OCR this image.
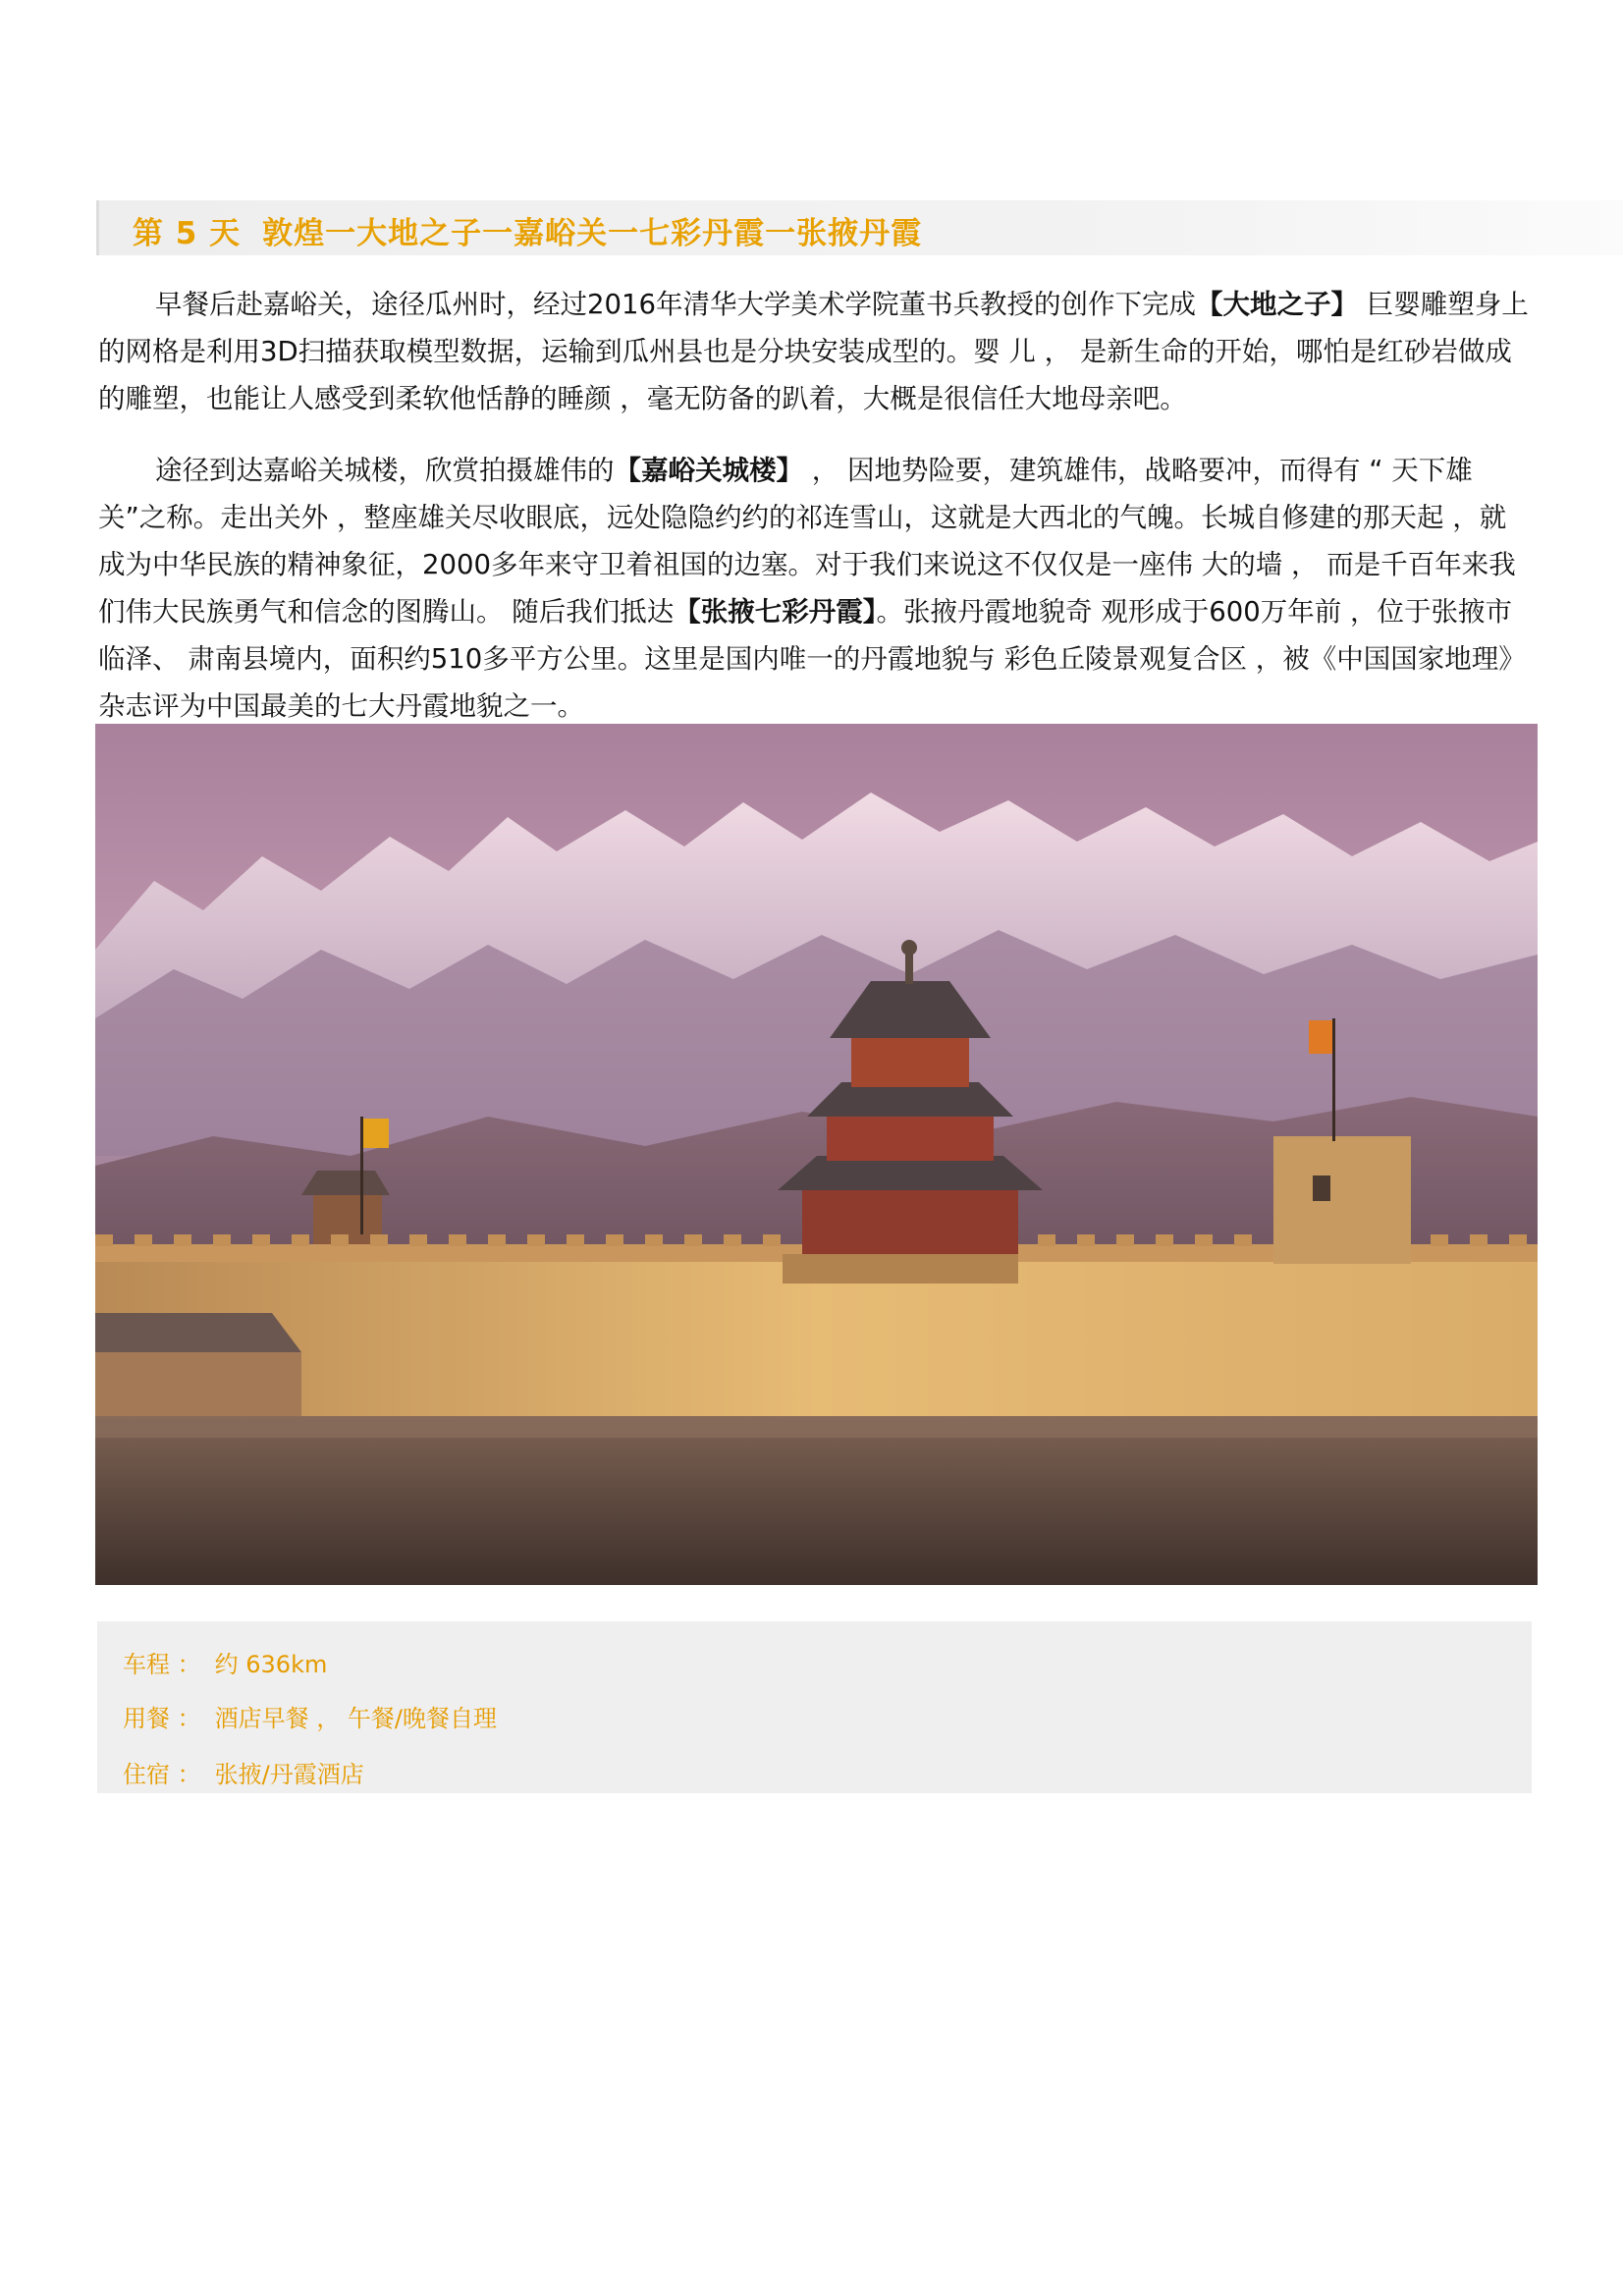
第 5 天 敦煌一大地之子一嘉峪关一七彩丹霞一张掖丹霞

早餐后赴嘉峪关，途径瓜州时，经过2016年清华大学美术学院董书兵教授的创作下完成【大地之子】 巨婴雕塑身上的网格是利用3D扫描获取模型数据，运输到瓜州县也是分块安装成型的。婴 儿 ， 是新生命的开始，哪怕是红砂岩做成的雕塑，也能让人感受到柔软他恬静的睡颜 ，毫无防备的趴着，大概是很信任大地母亲吧。

途径到达嘉峪关城楼，欣赏拍摄雄伟的【嘉峪关城楼】 ， 因地势险要，建筑雄伟，战略要冲，而得有 “ 天下雄关”之称。走出关外 ，整座雄关尽收眼底，远处隐隐约约的祁连雪山，这就是大西北的气魄。长城自修建的那天起 ，就成为中华民族的精神象征，2000多年来守卫着祖国的边塞。对于我们来说这不仅仅是一座伟 大的墙 ， 而是千百年来我们伟大民族勇气和信念的图腾山。 随后我们抵达【张掖七彩丹霞】。张掖丹霞地貌奇 观形成于600万年前 ，位于张掖市临泽、 肃南县境内，面积约510多平方公里。这里是国内唯一的丹霞地貌与 彩色丘陵景观复合区 ，被《中国国家地理》 杂志评为中国最美的七大丹霞地貌之一。

车程 ： 约 636km
用餐 ： 酒店早餐 ， 午餐/晚餐自理
住宿 ： 张掖/丹霞酒店
